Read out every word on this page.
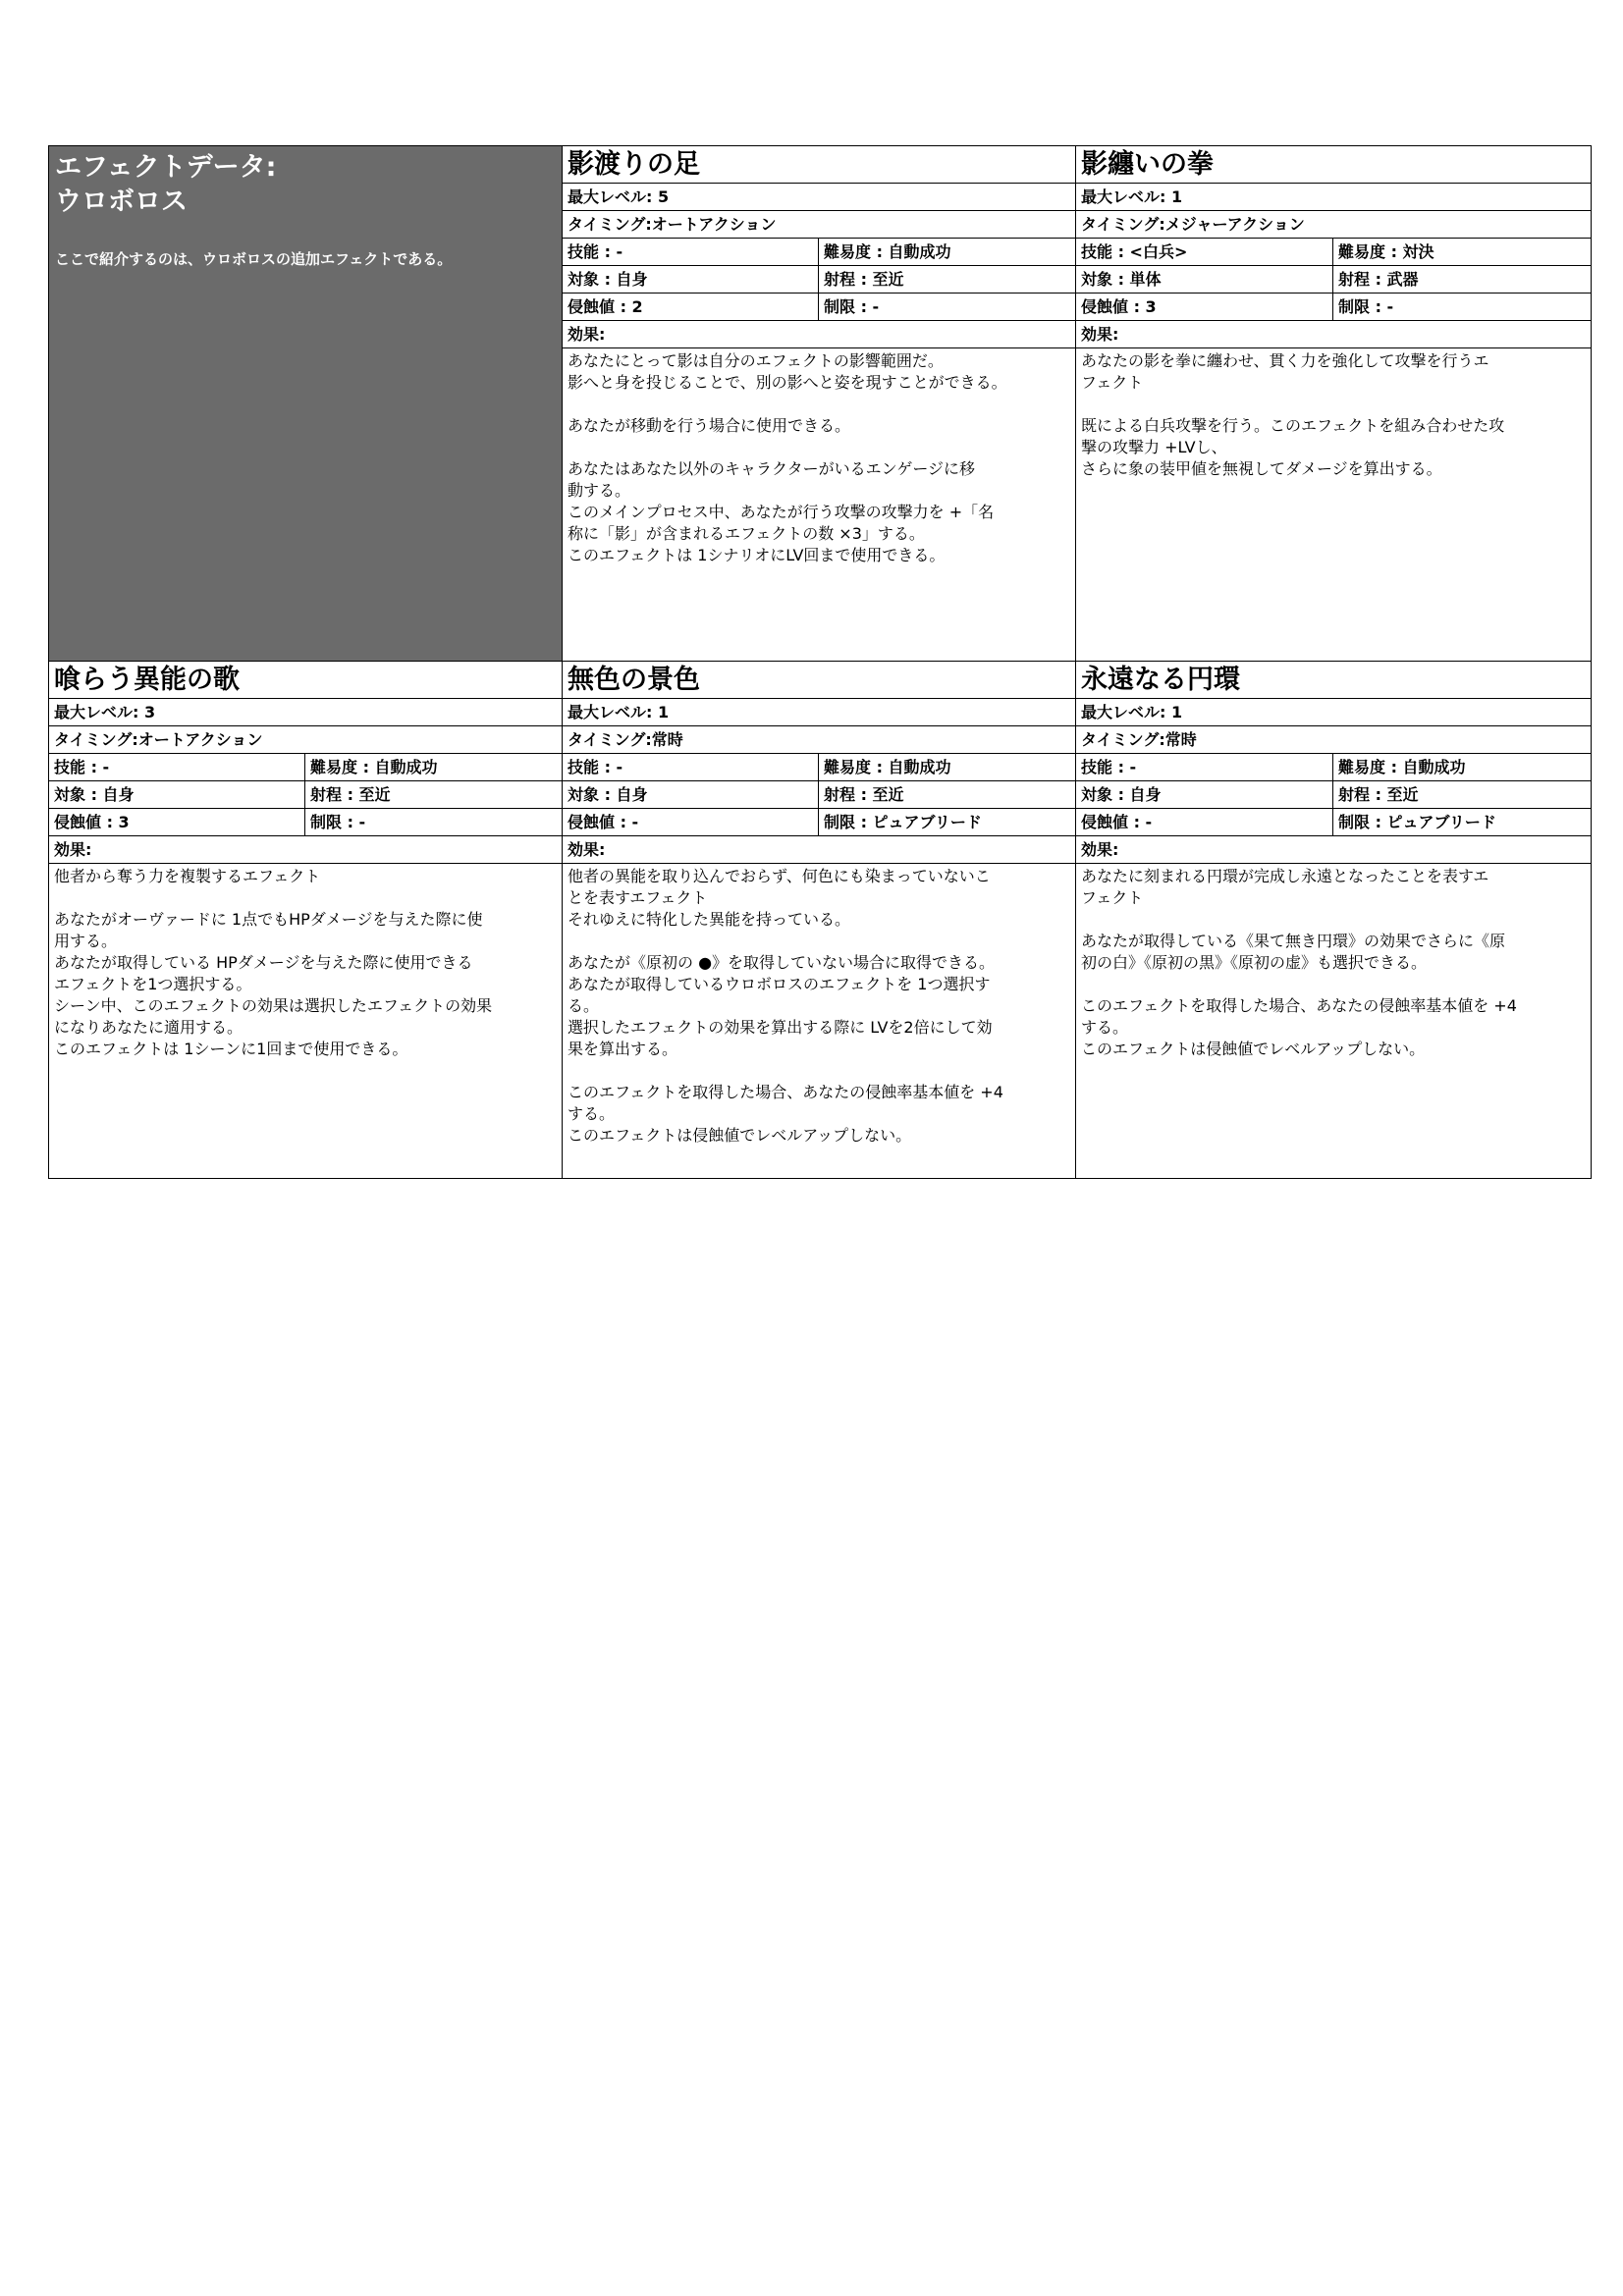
エフェクトデータ:
ウロボロス
ここで紹介するのは、ウロボロスの追加エフェクトである。
影渡りの足
最大レベル: 5
タイミング:オートアクション
技能 : -	難易度 : 自動成功
対象 : 自身	射程 : 至近
侵蝕値 : 2	制限 : -
効果:
あなたにとって影は自分のエフェクトの影響範囲だ。
影へと身を投じることで、別の影へと姿を現すことができる。

あなたが移動を行う場合に使用できる。

あなたはあなた以外のキャラクターがいるエンゲージに移
動する。
このメインプロセス中、あなたが行う攻撃の攻撃力を +「名
称に「影」が含まれるエフェクトの数 ×3」する。
このエフェクトは 1シナリオにLV回まで使用できる。
影纏いの拳
最大レベル: 1
タイミング:メジャーアクション
技能 : <白兵>	難易度 : 対決
対象 : 単体	射程 : 武器
侵蝕値 : 3	制限 : -
効果:
あなたの影を拳に纏わせ、貫く力を強化して攻撃を行うエ
フェクト

既による白兵攻撃を行う。このエフェクトを組み合わせた攻
撃の攻撃力 +LVし、
さらに象の装甲値を無視してダメージを算出する。
喰らう異能の歌
最大レベル: 3
タイミング:オートアクション
技能 : -	難易度 : 自動成功
対象 : 自身	射程 : 至近
侵蝕値 : 3	制限 : -
効果:
他者から奪う力を複製するエフェクト

あなたがオーヴァードに 1点でもHPダメージを与えた際に使
用する。
あなたが取得している HPダメージを与えた際に使用できる
エフェクトを1つ選択する。
シーン中、このエフェクトの効果は選択したエフェクトの効果
になりあなたに適用する。
このエフェクトは 1シーンに1回まで使用できる。
無色の景色
最大レベル: 1
タイミング:常時
技能 : -	難易度 : 自動成功
対象 : 自身	射程 : 至近
侵蝕値 : -	制限 : ピュアブリード
効果:
他者の異能を取り込んでおらず、何色にも染まっていないこ
とを表すエフェクト
それゆえに特化した異能を持っている。

あなたが《原初の ●》を取得していない場合に取得できる。
あなたが取得しているウロボロスのエフェクトを 1つ選択す
る。
選択したエフェクトの効果を算出する際に LVを2倍にして効
果を算出する。

このエフェクトを取得した場合、あなたの侵蝕率基本値を +4
する。
このエフェクトは侵蝕値でレベルアップしない。
永遠なる円環
最大レベル: 1
タイミング:常時
技能 : -	難易度 : 自動成功
対象 : 自身	射程 : 至近
侵蝕値 : -	制限 : ピュアブリード
効果:
あなたに刻まれる円環が完成し永遠となったことを表すエ
フェクト

あなたが取得している《果て無き円環》の効果でさらに《原
初の白》《原初の黒》《原初の虚》も選択できる。

このエフェクトを取得した場合、あなたの侵蝕率基本値を +4
する。
このエフェクトは侵蝕値でレベルアップしない。
